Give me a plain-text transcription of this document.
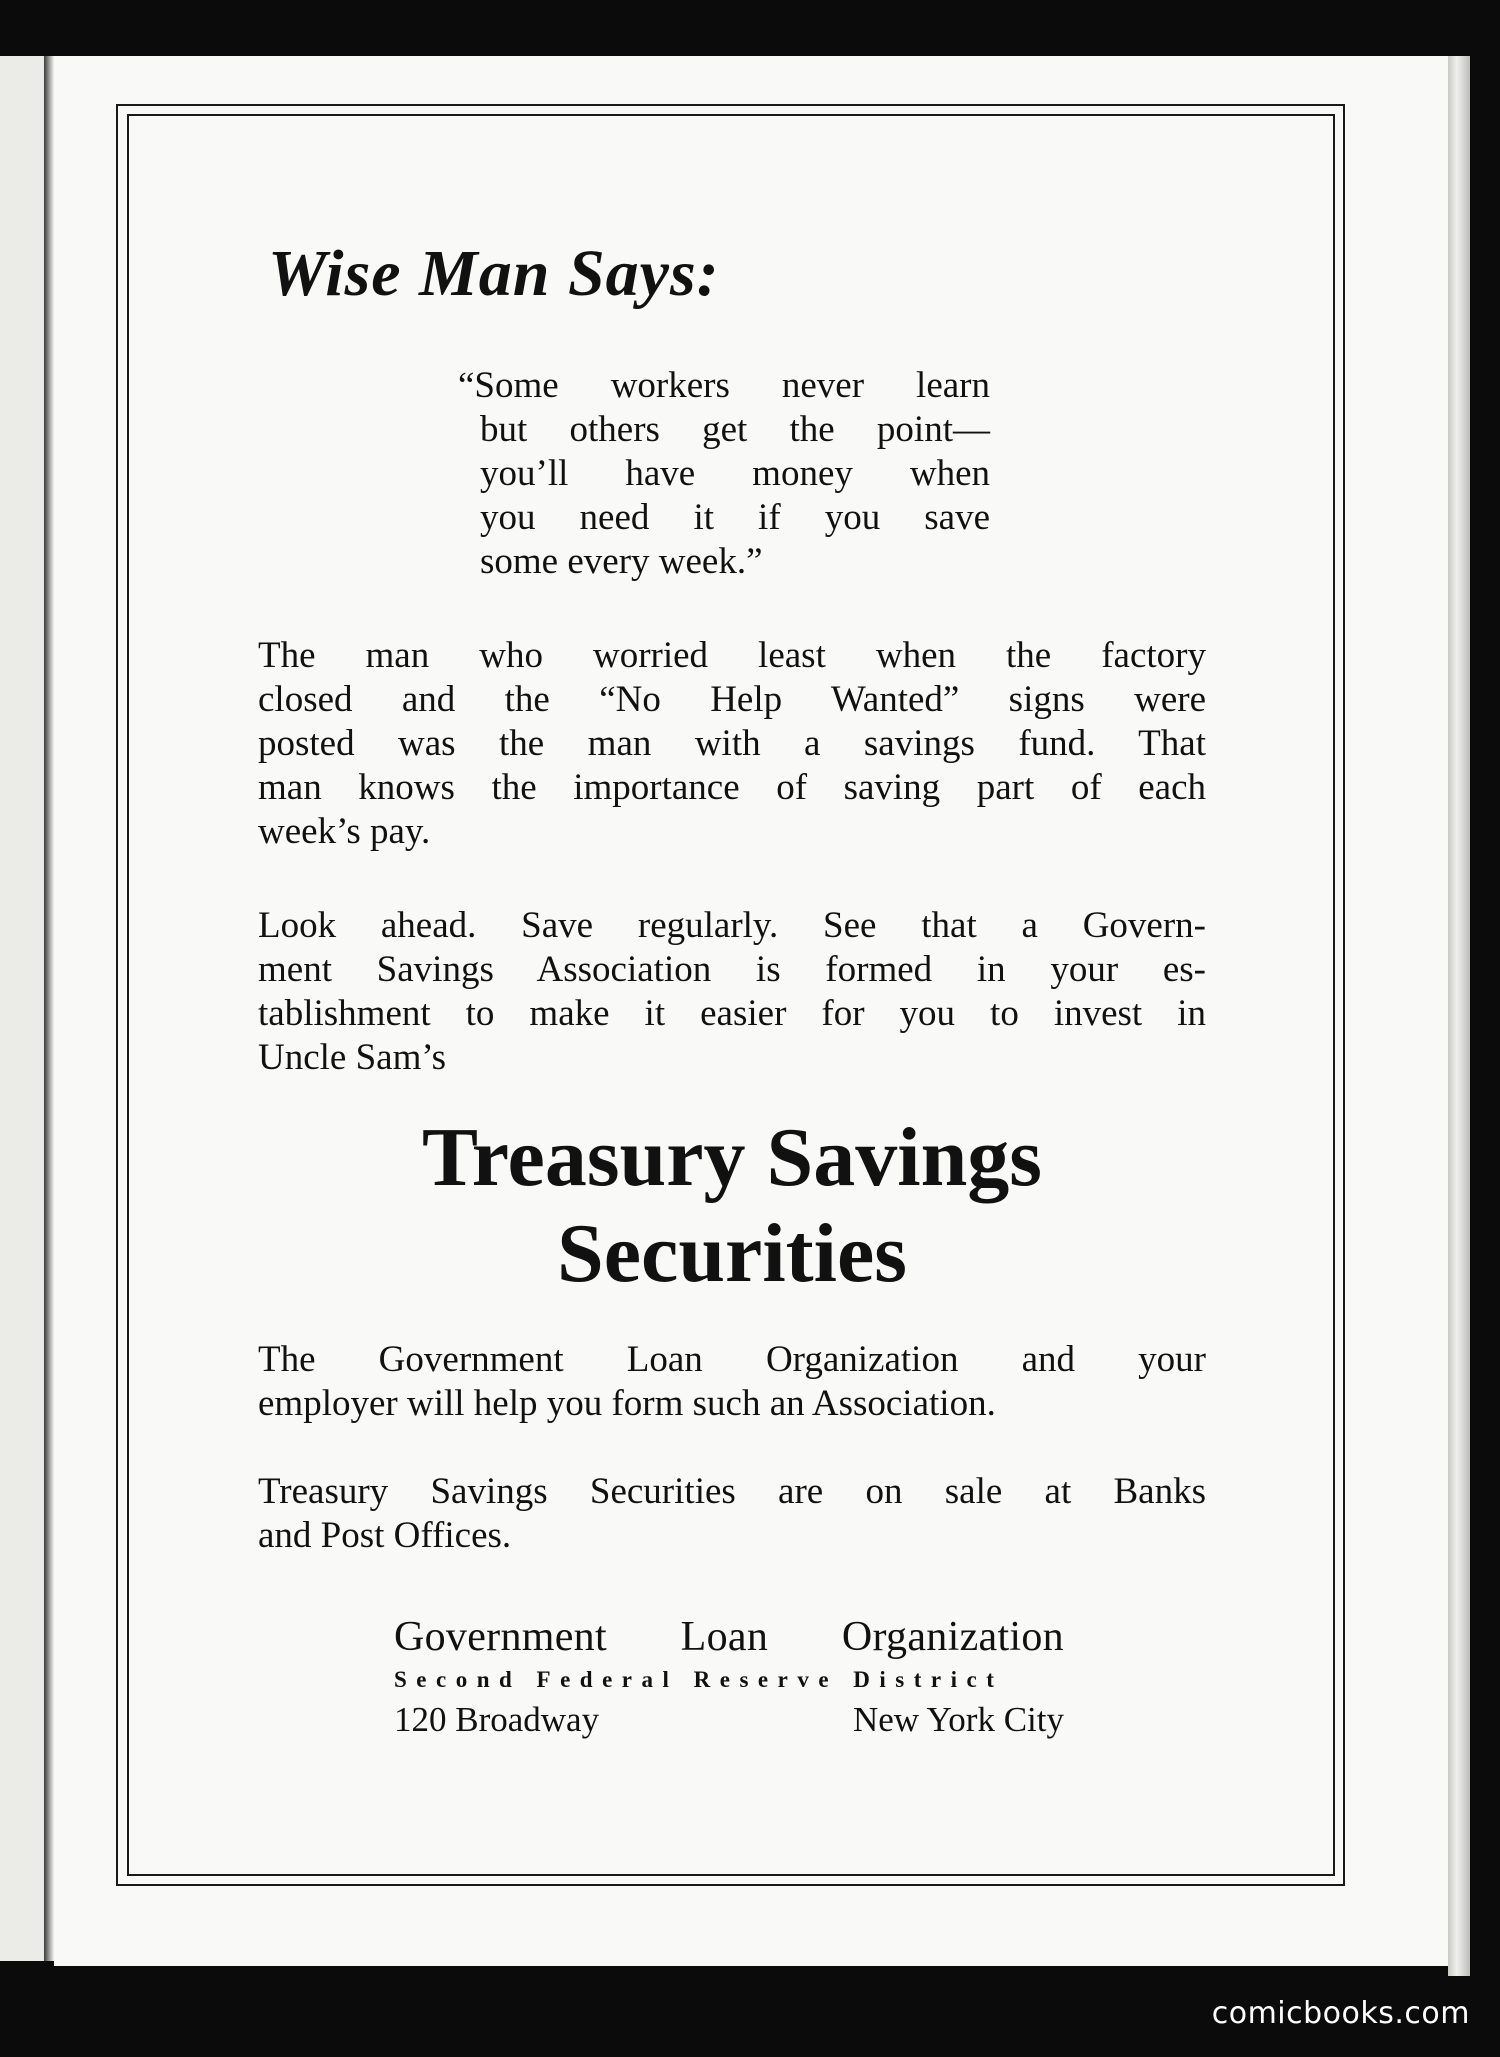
Wise Man Says:
“Some workers never learn
but others get the point—
you’ll have money when
you need it if you save
some every week.”
The man who worried least when the factory
closed and the “No Help Wanted” signs were
posted was the man with a savings fund. That
man knows the importance of saving part of each
week’s pay.
Look ahead. Save regularly. See that a Govern-
ment Savings Association is formed in your es-
tablishment to make it easier for you to invest in
Uncle Sam’s
Treasury Savings
Securities
The Government Loan Organization and your
employer will help you form such an Association.
Treasury Savings Securities are on sale at Banks
and Post Offices.
Government Loan Organization
Second Federal Reserve District
120 Broadway	New York City
comicbooks.com
